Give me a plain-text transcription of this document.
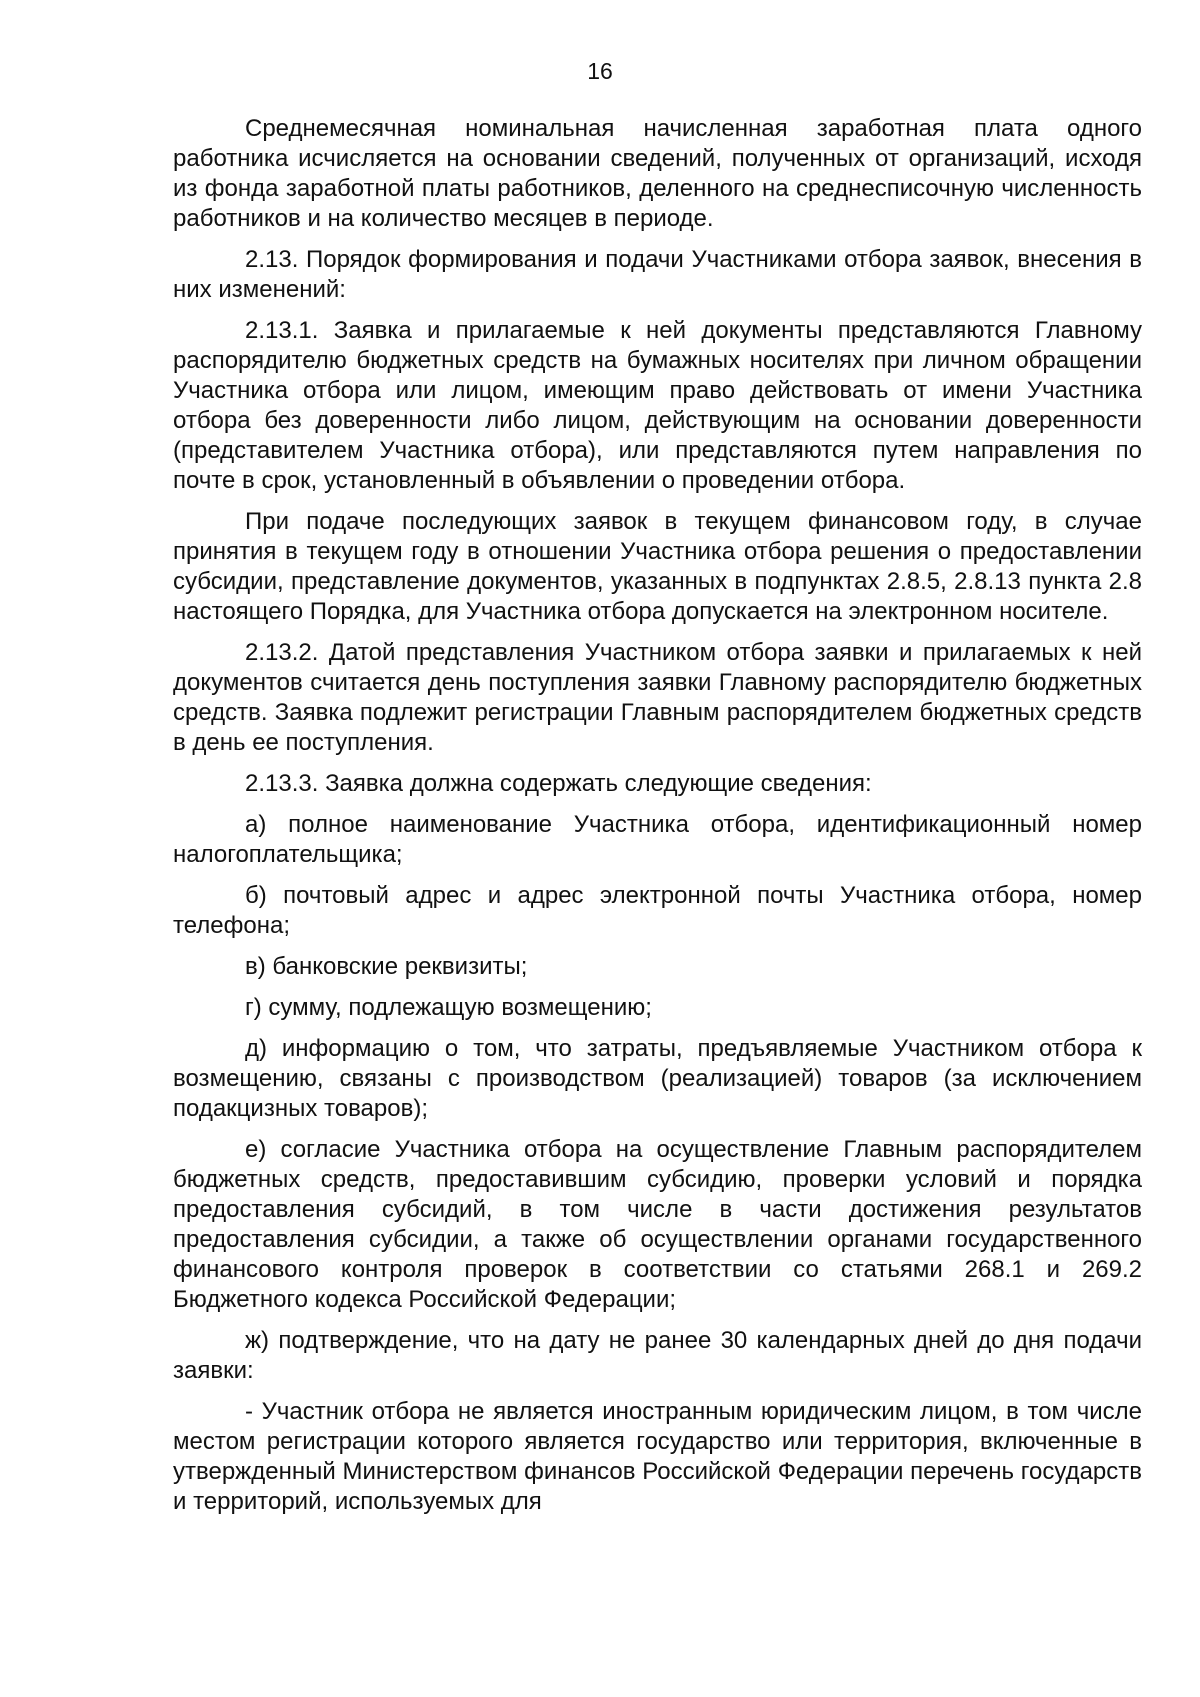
16

Среднемесячная номинальная начисленная заработная плата одного работника исчисляется на основании сведений, полученных от организаций, исходя из фонда заработной платы работников, деленного на среднесписочную численность работников и на количество месяцев в периоде.

2.13. Порядок формирования и подачи Участниками отбора заявок, внесения в них изменений:

2.13.1. Заявка и прилагаемые к ней документы представляются Главному распорядителю бюджетных средств на бумажных носителях при личном обращении Участника отбора или лицом, имеющим право действовать от имени Участника отбора без доверенности либо лицом, действующим на основании доверенности (представителем Участника отбора), или представляются путем направления по почте в срок, установленный в объявлении о проведении отбора.

При подаче последующих заявок в текущем финансовом году, в случае принятия в текущем году в отношении Участника отбора решения о предоставлении субсидии, представление документов, указанных в подпунктах 2.8.5, 2.8.13 пункта 2.8 настоящего Порядка, для Участника отбора допускается на электронном носителе.

2.13.2. Датой представления Участником отбора заявки и прилагаемых к ней документов считается день поступления заявки Главному распорядителю бюджетных средств. Заявка подлежит регистрации Главным распорядителем бюджетных средств в день ее поступления.

2.13.3. Заявка должна содержать следующие сведения:

а) полное наименование Участника отбора, идентификационный номер налогоплательщика;

б) почтовый адрес и адрес электронной почты Участника отбора, номер телефона;

в) банковские реквизиты;

г) сумму, подлежащую возмещению;

д) информацию о том, что затраты, предъявляемые Участником отбора к возмещению, связаны с производством (реализацией) товаров (за исключением подакцизных товаров);

е) согласие Участника отбора на осуществление Главным распорядителем бюджетных средств, предоставившим субсидию, проверки условий и порядка предоставления субсидий, в том числе в части достижения результатов предоставления субсидии, а также об осуществлении органами государственного финансового контроля проверок в соответствии со статьями 268.1 и 269.2 Бюджетного кодекса Российской Федерации;

ж) подтверждение, что на дату не ранее 30 календарных дней до дня подачи заявки:

- Участник отбора не является иностранным юридическим лицом, в том числе местом регистрации которого является государство или территория, включенные в утвержденный Министерством финансов Российской Федерации перечень государств и территорий, используемых для
